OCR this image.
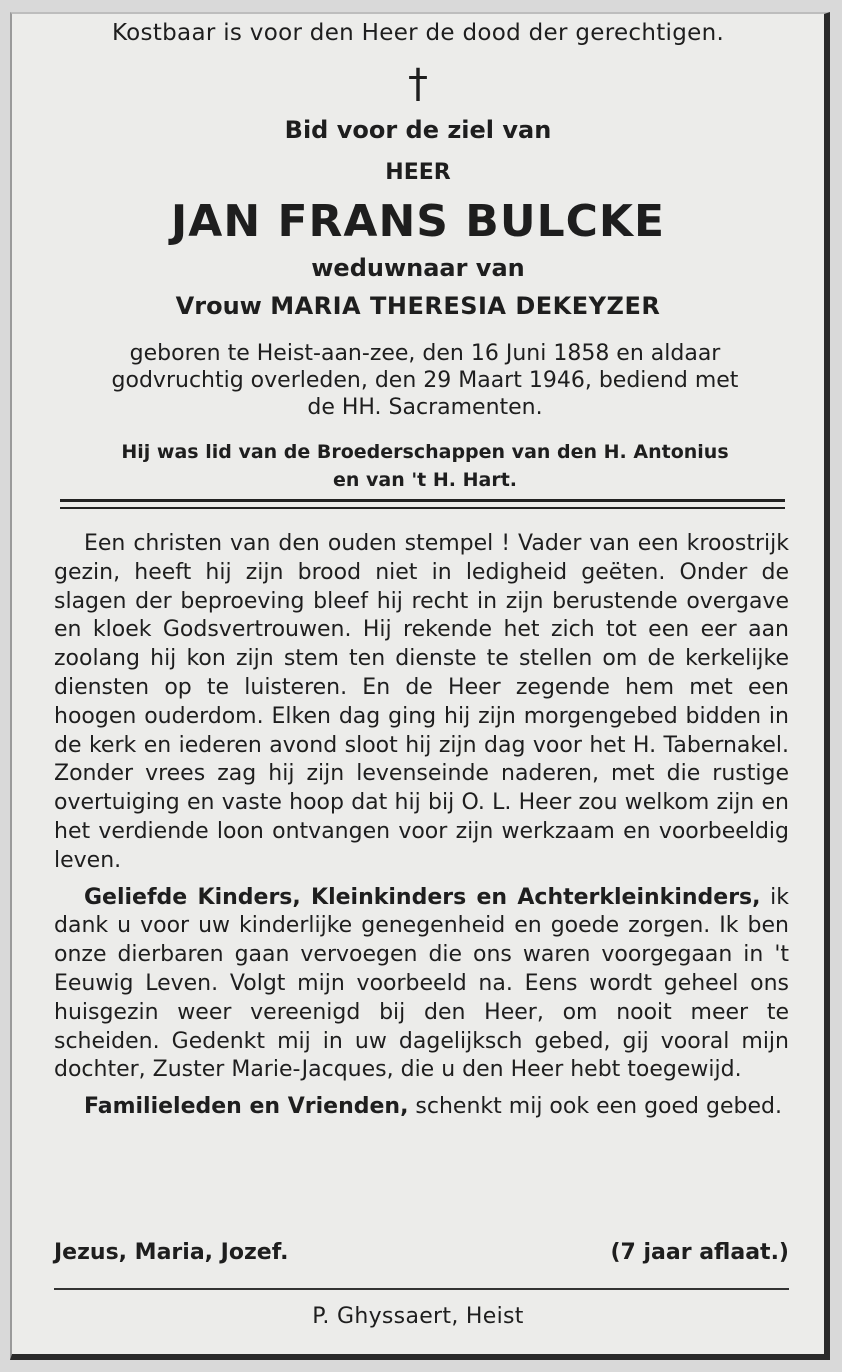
Kostbaar is voor den Heer de dood der gerechtigen.
†
Bid voor de ziel van
HEER
JAN FRANS BULCKE
weduwnaar van
Vrouw MARIA THERESIA DEKEYZER
geboren te Heist-aan-zee, den 16 Juni 1858 en aldaar
godvruchtig overleden, den 29 Maart 1946, bediend met
de HH. Sacramenten.
Hij was lid van de Broederschappen van den H. Antonius
en van 't H. Hart.

Een christen van den ouden stempel ! Vader van een kroostrijk gezin, heeft hij zijn brood niet in ledigheid geëten. Onder de slagen der beproeving bleef hij recht in zijn berustende overgave en kloek Godsvertrouwen. Hij rekende het zich tot een eer aan zoolang hij kon zijn stem ten dienste te stellen om de kerkelijke diensten op te luisteren. En de Heer zegende hem met een hoogen ouderdom. Elken dag ging hij zijn morgengebed bidden in de kerk en iederen avond sloot hij zijn dag voor het H. Tabernakel. Zonder vrees zag hij zijn levenseinde naderen, met die rustige overtuiging en vaste hoop dat hij bij O. L. Heer zou welkom zijn en het verdiende loon ontvangen voor zijn werkzaam en voorbeeldig leven.

Geliefde Kinders, Kleinkinders en Achterkleinkinders, ik dank u voor uw kinderlijke genegenheid en goede zorgen. Ik ben onze dierbaren gaan vervoegen die ons waren voorgegaan in 't Eeuwig Leven. Volgt mijn voorbeeld na. Eens wordt geheel ons huisgezin weer vereenigd bij den Heer, om nooit meer te scheiden. Gedenkt mij in uw dagelijksch gebed, gij vooral mijn dochter, Zuster Marie-Jacques, die u den Heer hebt toegewijd.

Familieleden en Vrienden, schenkt mij ook een goed gebed.

Jezus, Maria, Jozef.	(7 jaar aflaat.)
P. Ghyssaert, Heist
